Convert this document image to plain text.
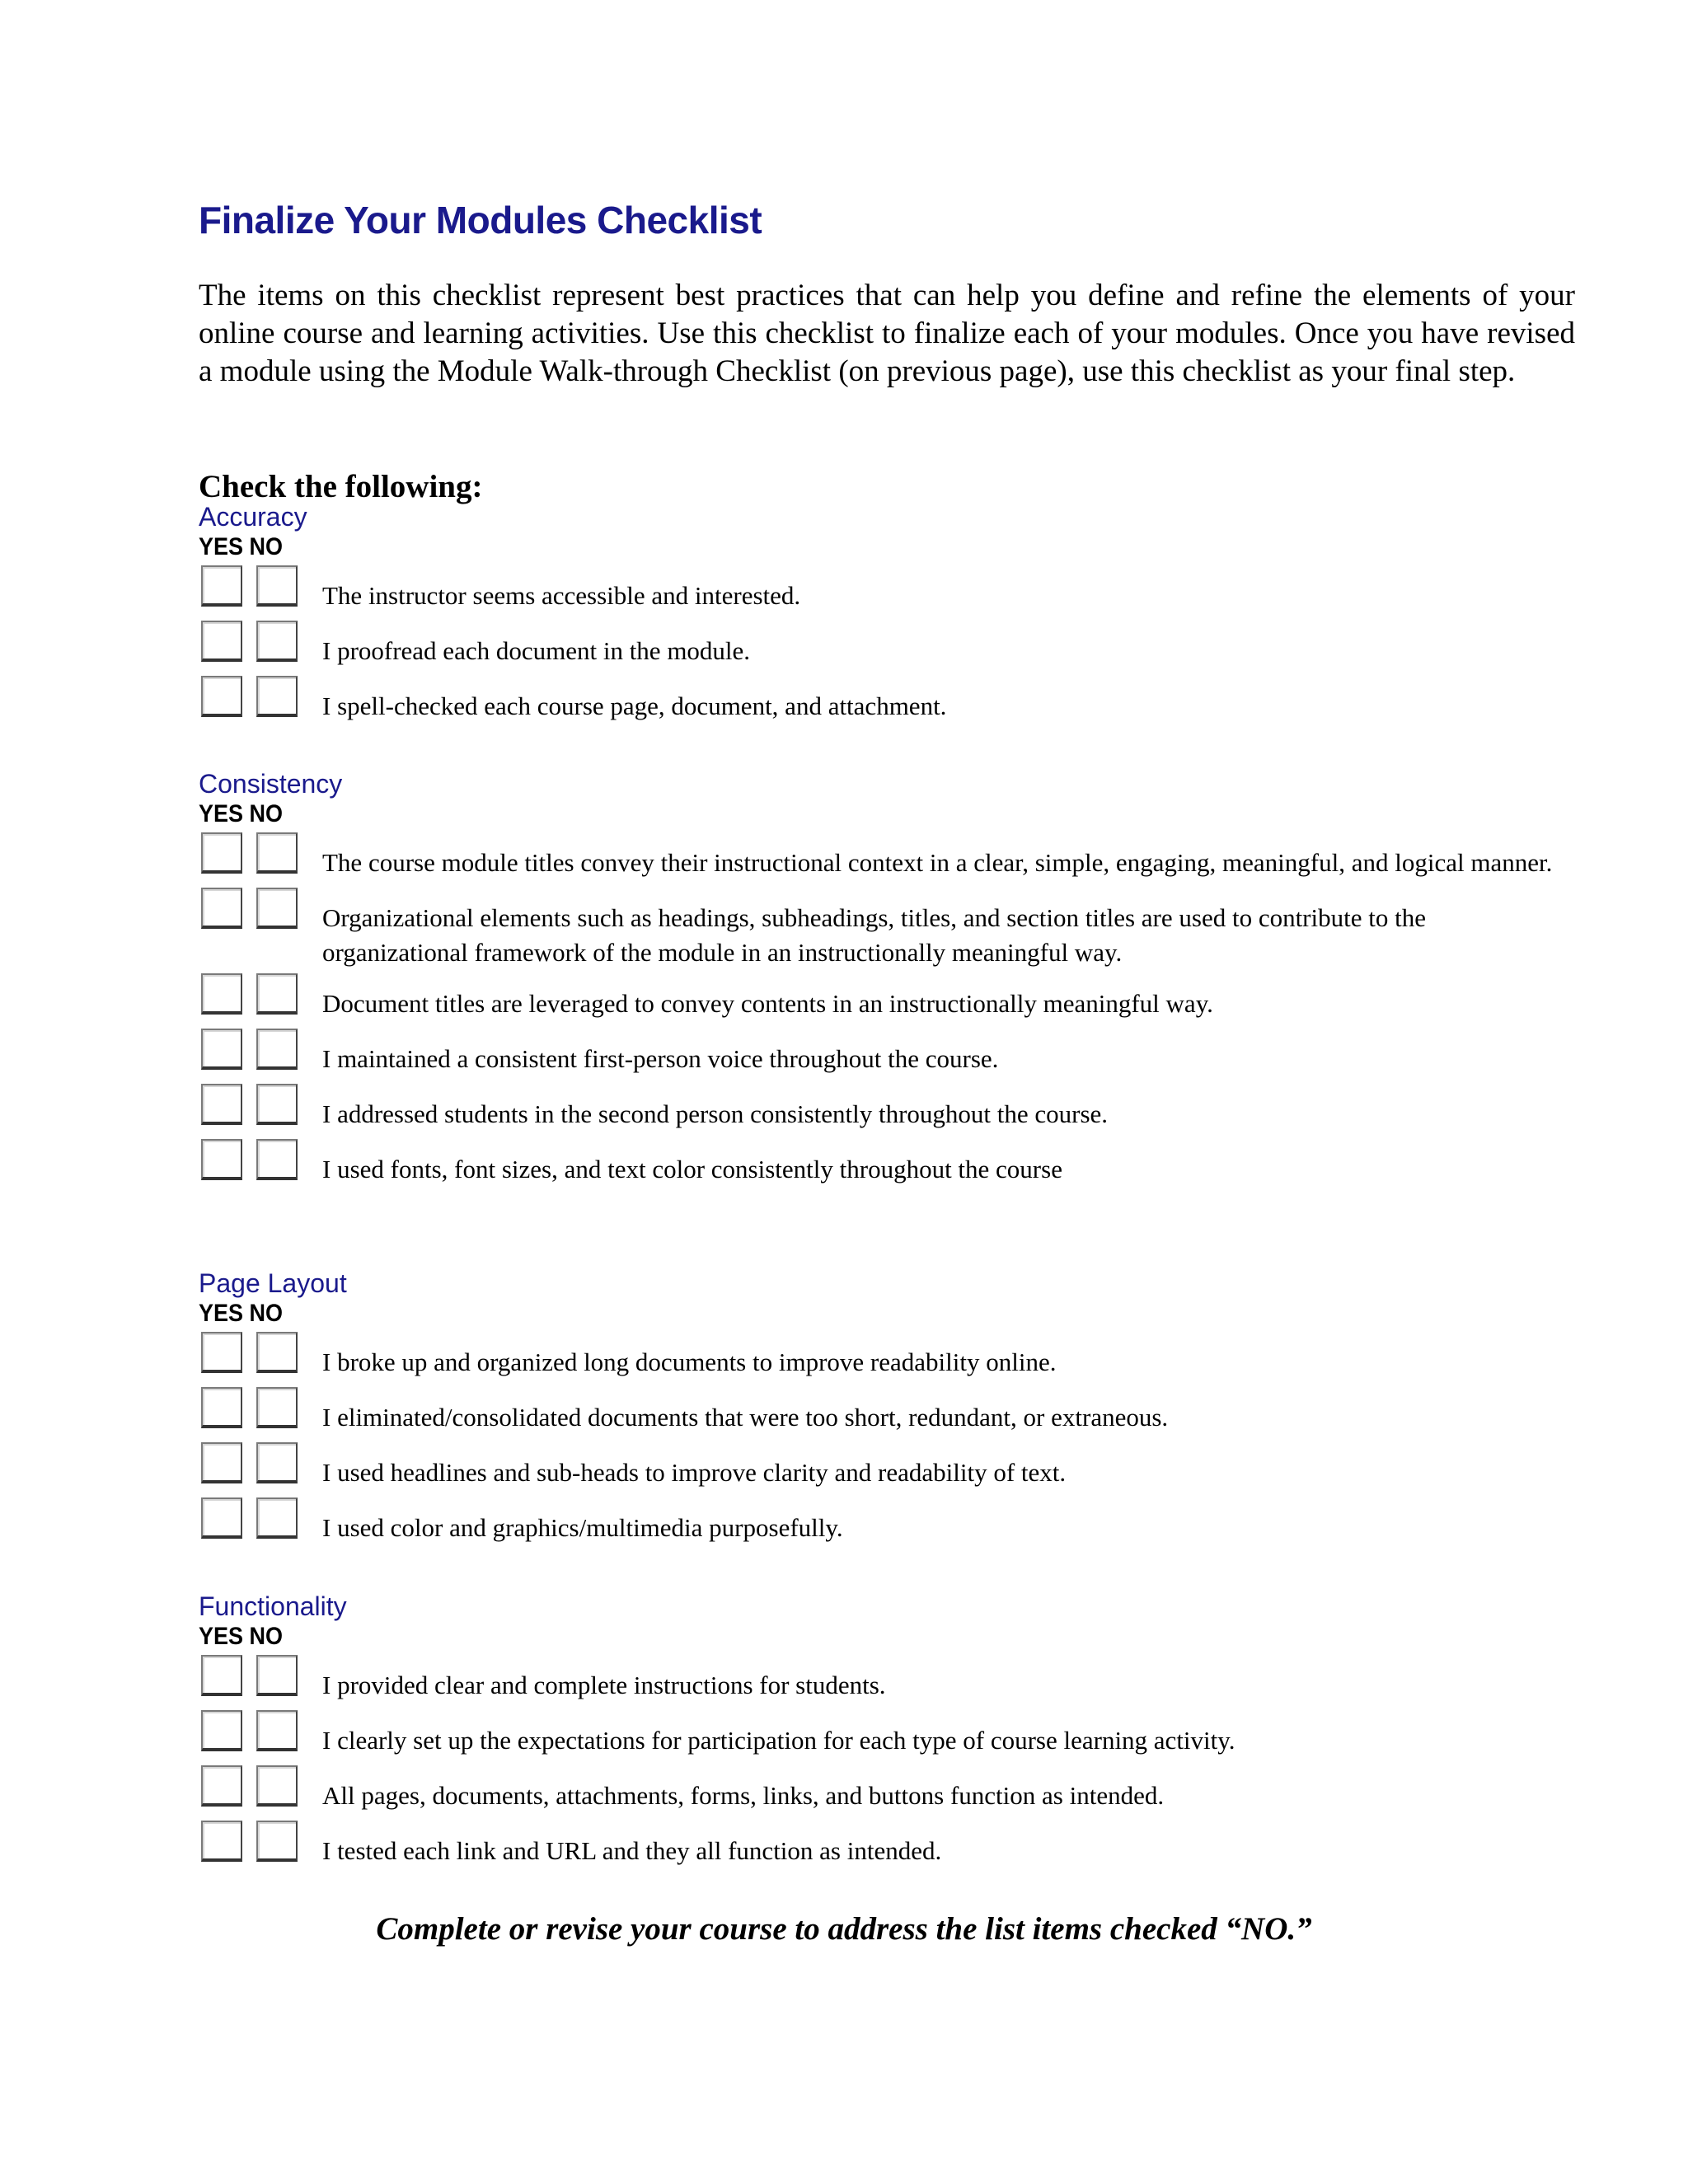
Finalize Your Modules Checklist

The items on this checklist represent best practices that can help you define and refine the elements of your online course and learning activities. Use this checklist to finalize each of your modules. Once you have revised a module using the Module Walk-through Checklist (on previous page), use this checklist as your final step.

Check the following:
Accuracy
YES NO
The instructor seems accessible and interested.
I proofread each document in the module.
I spell-checked each course page, document, and attachment.
Consistency
YES NO
The course module titles convey their instructional context in a clear, simple, engaging, meaningful, and logical manner.
Organizational elements such as headings, subheadings, titles, and section titles are used to contribute to the organizational framework of the module in an instructionally meaningful way.
Document titles are leveraged to convey contents in an instructionally meaningful way.
I maintained a consistent first-person voice throughout the course.
I addressed students in the second person consistently throughout the course.
I used fonts, font sizes, and text color consistently throughout the course
Page Layout
YES NO
I broke up and organized long documents to improve readability online.
I eliminated/consolidated documents that were too short, redundant, or extraneous.
I used headlines and sub-heads to improve clarity and readability of text.
I used color and graphics/multimedia purposefully.
Functionality
YES NO
I provided clear and complete instructions for students.
I clearly set up the expectations for participation for each type of course learning activity.
All pages, documents, attachments, forms, links, and buttons function as intended.
I tested each link and URL and they all function as intended.

Complete or revise your course to address the list items checked “NO.”
